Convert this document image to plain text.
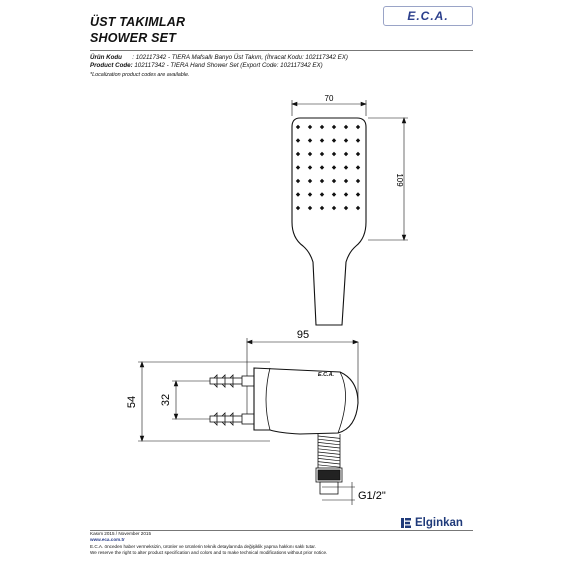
E.C.A.
ÜST TAKIMLAR
SHOWER SET
Ürün Kodu : 102117342 - TIERA Mafsallı Banyo Üst Takım, (İhracat Kodu: 102117342 EX)
Product Code: 102117342 - TIERA Hand Shower Set (Export Code: 102117342 EX)
*Localization product codes are available.
70
109
95
54 32
E.C.A.
G1/2"
Kasım 2015 / November 2015
www.eca.com.tr
E.C.A. önceden haber vermeksizin, ürünler ve ürünlerin teknik detaylarında değişiklik yapma hakkını saklı tutar.
We reserve the right to alter product specification and colors and to make technical modifications without prior notice.
Elginkan
